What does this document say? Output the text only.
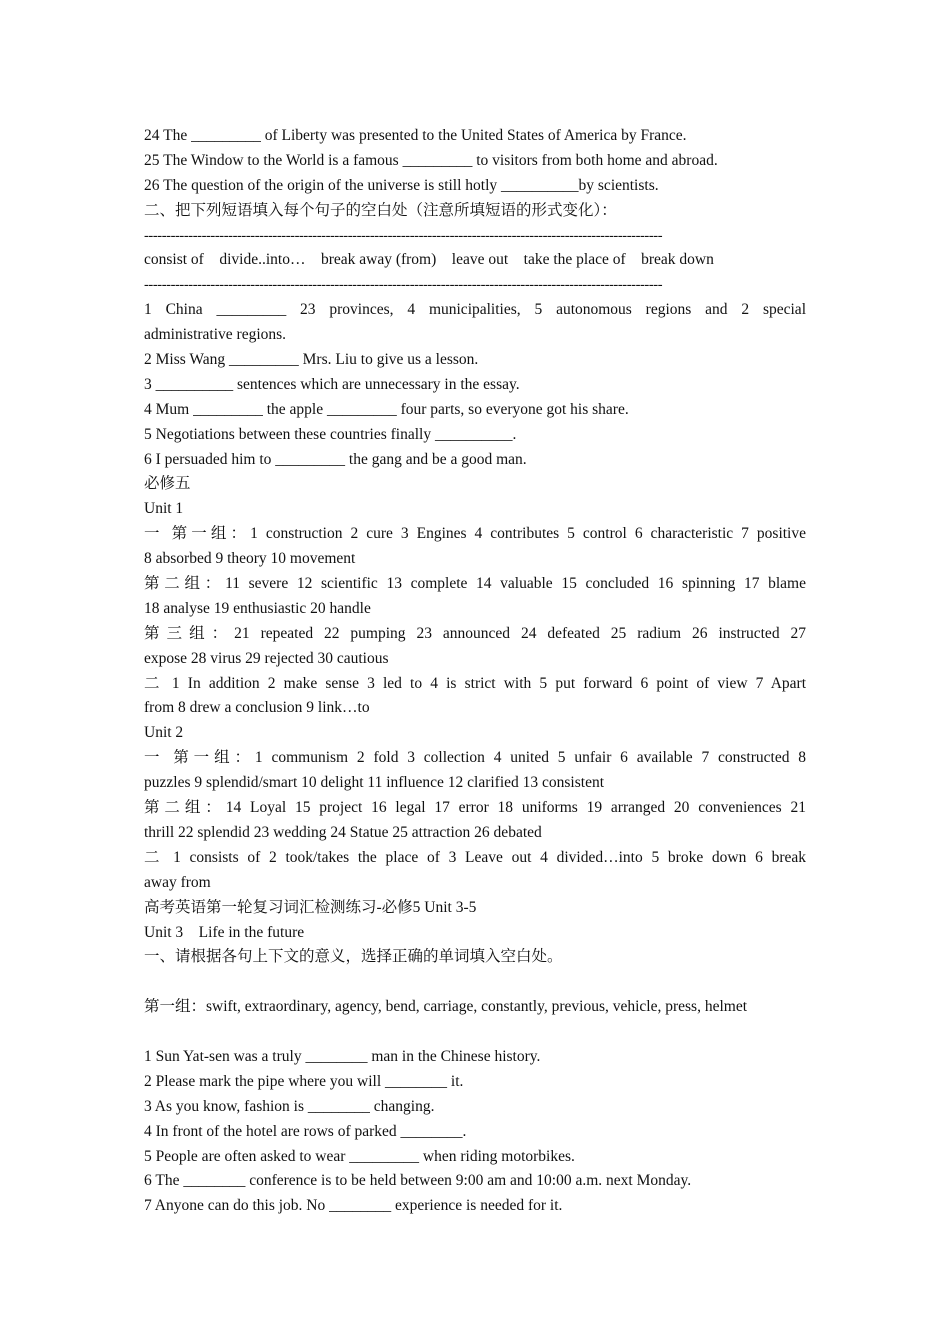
24 The _________ of Liberty was presented to the United States of America by France.
25 The Window to the World is a famous _________ to visitors from both home and abroad.
26 The question of the origin of the universe is still hotly __________by scientists.
二、把下列短语填入每个句子的空白处（注意所填短语的形式变化）：
---------------------------------------------------------------------------------------------------------------------
consist of    divide..into…    break away (from)    leave out    take the place of    break down
---------------------------------------------------------------------------------------------------------------------
1 China _________ 23 provinces, 4 municipalities, 5 autonomous regions and 2 special
administrative regions.
2 Miss Wang _________ Mrs. Liu to give us a lesson.
3 __________ sentences which are unnecessary in the essay.
4 Mum _________ the apple _________ four parts, so everyone got his share.
5 Negotiations between these countries finally __________.
6 I persuaded him to _________ the gang and be a good man.
必修五
Unit 1
一 第一组：1 construction 2 cure 3 Engines 4 contributes 5 control 6 characteristic 7 positive
8 absorbed 9 theory 10 movement
第二组：11 severe 12 scientific 13 complete 14 valuable 15 concluded 16 spinning 17 blame
18 analyse 19 enthusiastic 20 handle
第三组：21 repeated 22 pumping 23 announced 24 defeated 25 radium 26 instructed 27
expose 28 virus 29 rejected 30 cautious
二 1 In addition 2 make sense 3 led to 4 is strict with 5 put forward 6 point of view 7 Apart
from 8 drew a conclusion 9 link…to
Unit 2
一 第一组：1 communism 2 fold 3 collection 4 united 5 unfair 6 available 7 constructed 8
puzzles 9 splendid/smart 10 delight 11 influence 12 clarified 13 consistent
第二组：14 Loyal 15 project 16 legal 17 error 18 uniforms 19 arranged 20 conveniences 21
thrill 22 splendid 23 wedding 24 Statue 25 attraction 26 debated
二 1 consists of 2 took/takes the place of 3 Leave out 4 divided…into 5 broke down 6 break
away from
高考英语第一轮复习词汇检测练习-必修5 Unit 3-5
Unit 3    Life in the future
一、请根据各句上下文的意义，选择正确的单词填入空白处。
第一组：swift, extraordinary, agency, bend, carriage, constantly, previous, vehicle, press, helmet
1 Sun Yat-sen was a truly ________ man in the Chinese history.
2 Please mark the pipe where you will ________ it.
3 As you know, fashion is ________ changing.
4 In front of the hotel are rows of parked ________.
5 People are often asked to wear _________ when riding motorbikes.
6 The ________ conference is to be held between 9:00 am and 10:00 a.m. next Monday.
7 Anyone can do this job. No ________ experience is needed for it.
